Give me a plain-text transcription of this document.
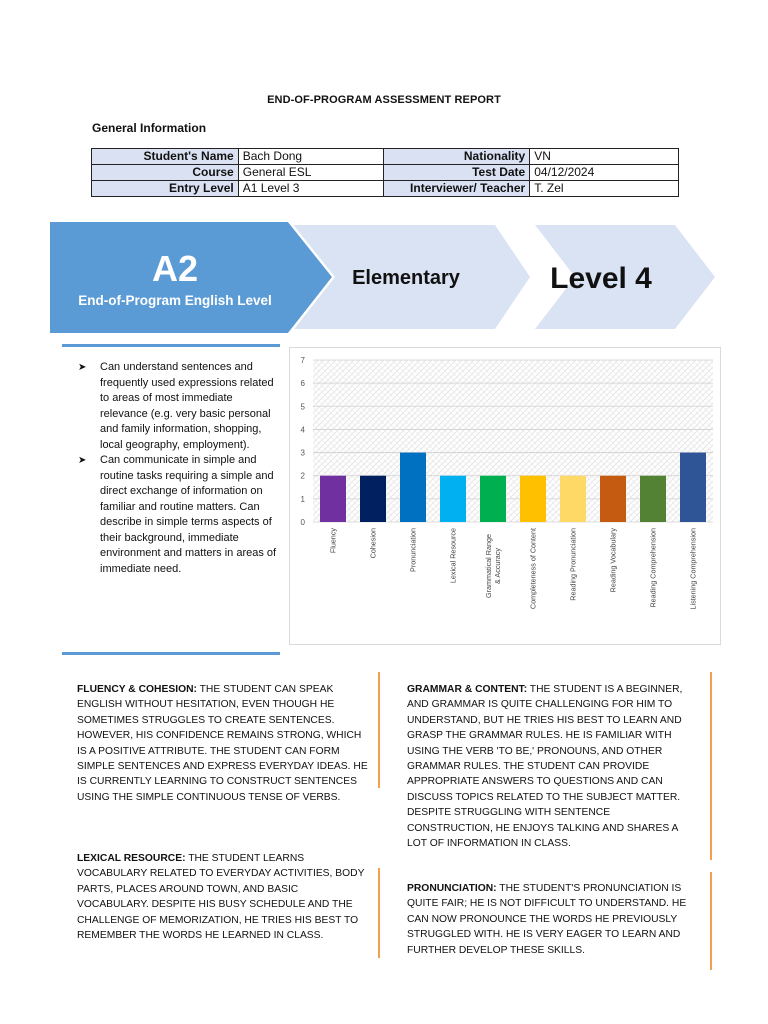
END-OF-PROGRAM ASSESSMENT REPORT
General Information
Student's Name	Bach Dong	Nationality	VN
Course	General ESL	Test Date	04/12/2024
Entry Level	A1 Level 3	Interviewer/ Teacher	T. Zel
A2
End-of-Program English Level
Elementary	Level 4
➤	Can understand sentences and frequently used expressions related to areas of most immediate relevance (e.g. very basic personal and family information, shopping, local geography, employment).
➤	Can communicate in simple and routine tasks requiring a simple and direct exchange of information on familiar and routine matters. Can describe in simple terms aspects of their background, immediate environment and matters in areas of immediate need.
0
1
2
3
4
5
6
7
Fluency	Cohesion	Pronunciation	Lexical Resource	Grammatical Range& Accuracy	Completeness of Content	Reading Pronunciation	Reading Vocabulary	Reading Comprehension	Listening Comprehension
FLUENCY & COHESION: THE STUDENT CAN SPEAK ENGLISH WITHOUT HESITATION, EVEN THOUGH HE SOMETIMES STRUGGLES TO CREATE SENTENCES. HOWEVER, HIS CONFIDENCE REMAINS STRONG, WHICH IS A POSITIVE ATTRIBUTE. THE STUDENT CAN FORM SIMPLE SENTENCES AND EXPRESS EVERYDAY IDEAS. HE IS CURRENTLY LEARNING TO CONSTRUCT SENTENCES USING THE SIMPLE CONTINUOUS TENSE OF VERBS.
LEXICAL RESOURCE: THE STUDENT LEARNS VOCABULARY RELATED TO EVERYDAY ACTIVITIES, BODY PARTS, PLACES AROUND TOWN, AND BASIC VOCABULARY. DESPITE HIS BUSY SCHEDULE AND THE CHALLENGE OF MEMORIZATION, HE TRIES HIS BEST TO REMEMBER THE WORDS HE LEARNED IN CLASS.
GRAMMAR & CONTENT: THE STUDENT IS A BEGINNER, AND GRAMMAR IS QUITE CHALLENGING FOR HIM TO UNDERSTAND, BUT HE TRIES HIS BEST TO LEARN AND GRASP THE GRAMMAR RULES. HE IS FAMILIAR WITH USING THE VERB 'TO BE,' PRONOUNS, AND OTHER GRAMMAR RULES. THE STUDENT CAN PROVIDE APPROPRIATE ANSWERS TO QUESTIONS AND CAN DISCUSS TOPICS RELATED TO THE SUBJECT MATTER. DESPITE STRUGGLING WITH SENTENCE CONSTRUCTION, HE ENJOYS TALKING AND SHARES A LOT OF INFORMATION IN CLASS.
PRONUNCIATION: THE STUDENT'S PRONUNCIATION IS QUITE FAIR; HE IS NOT DIFFICULT TO UNDERSTAND. HE CAN NOW PRONOUNCE THE WORDS HE PREVIOUSLY STRUGGLED WITH. HE IS VERY EAGER TO LEARN AND FURTHER DEVELOP THESE SKILLS.
